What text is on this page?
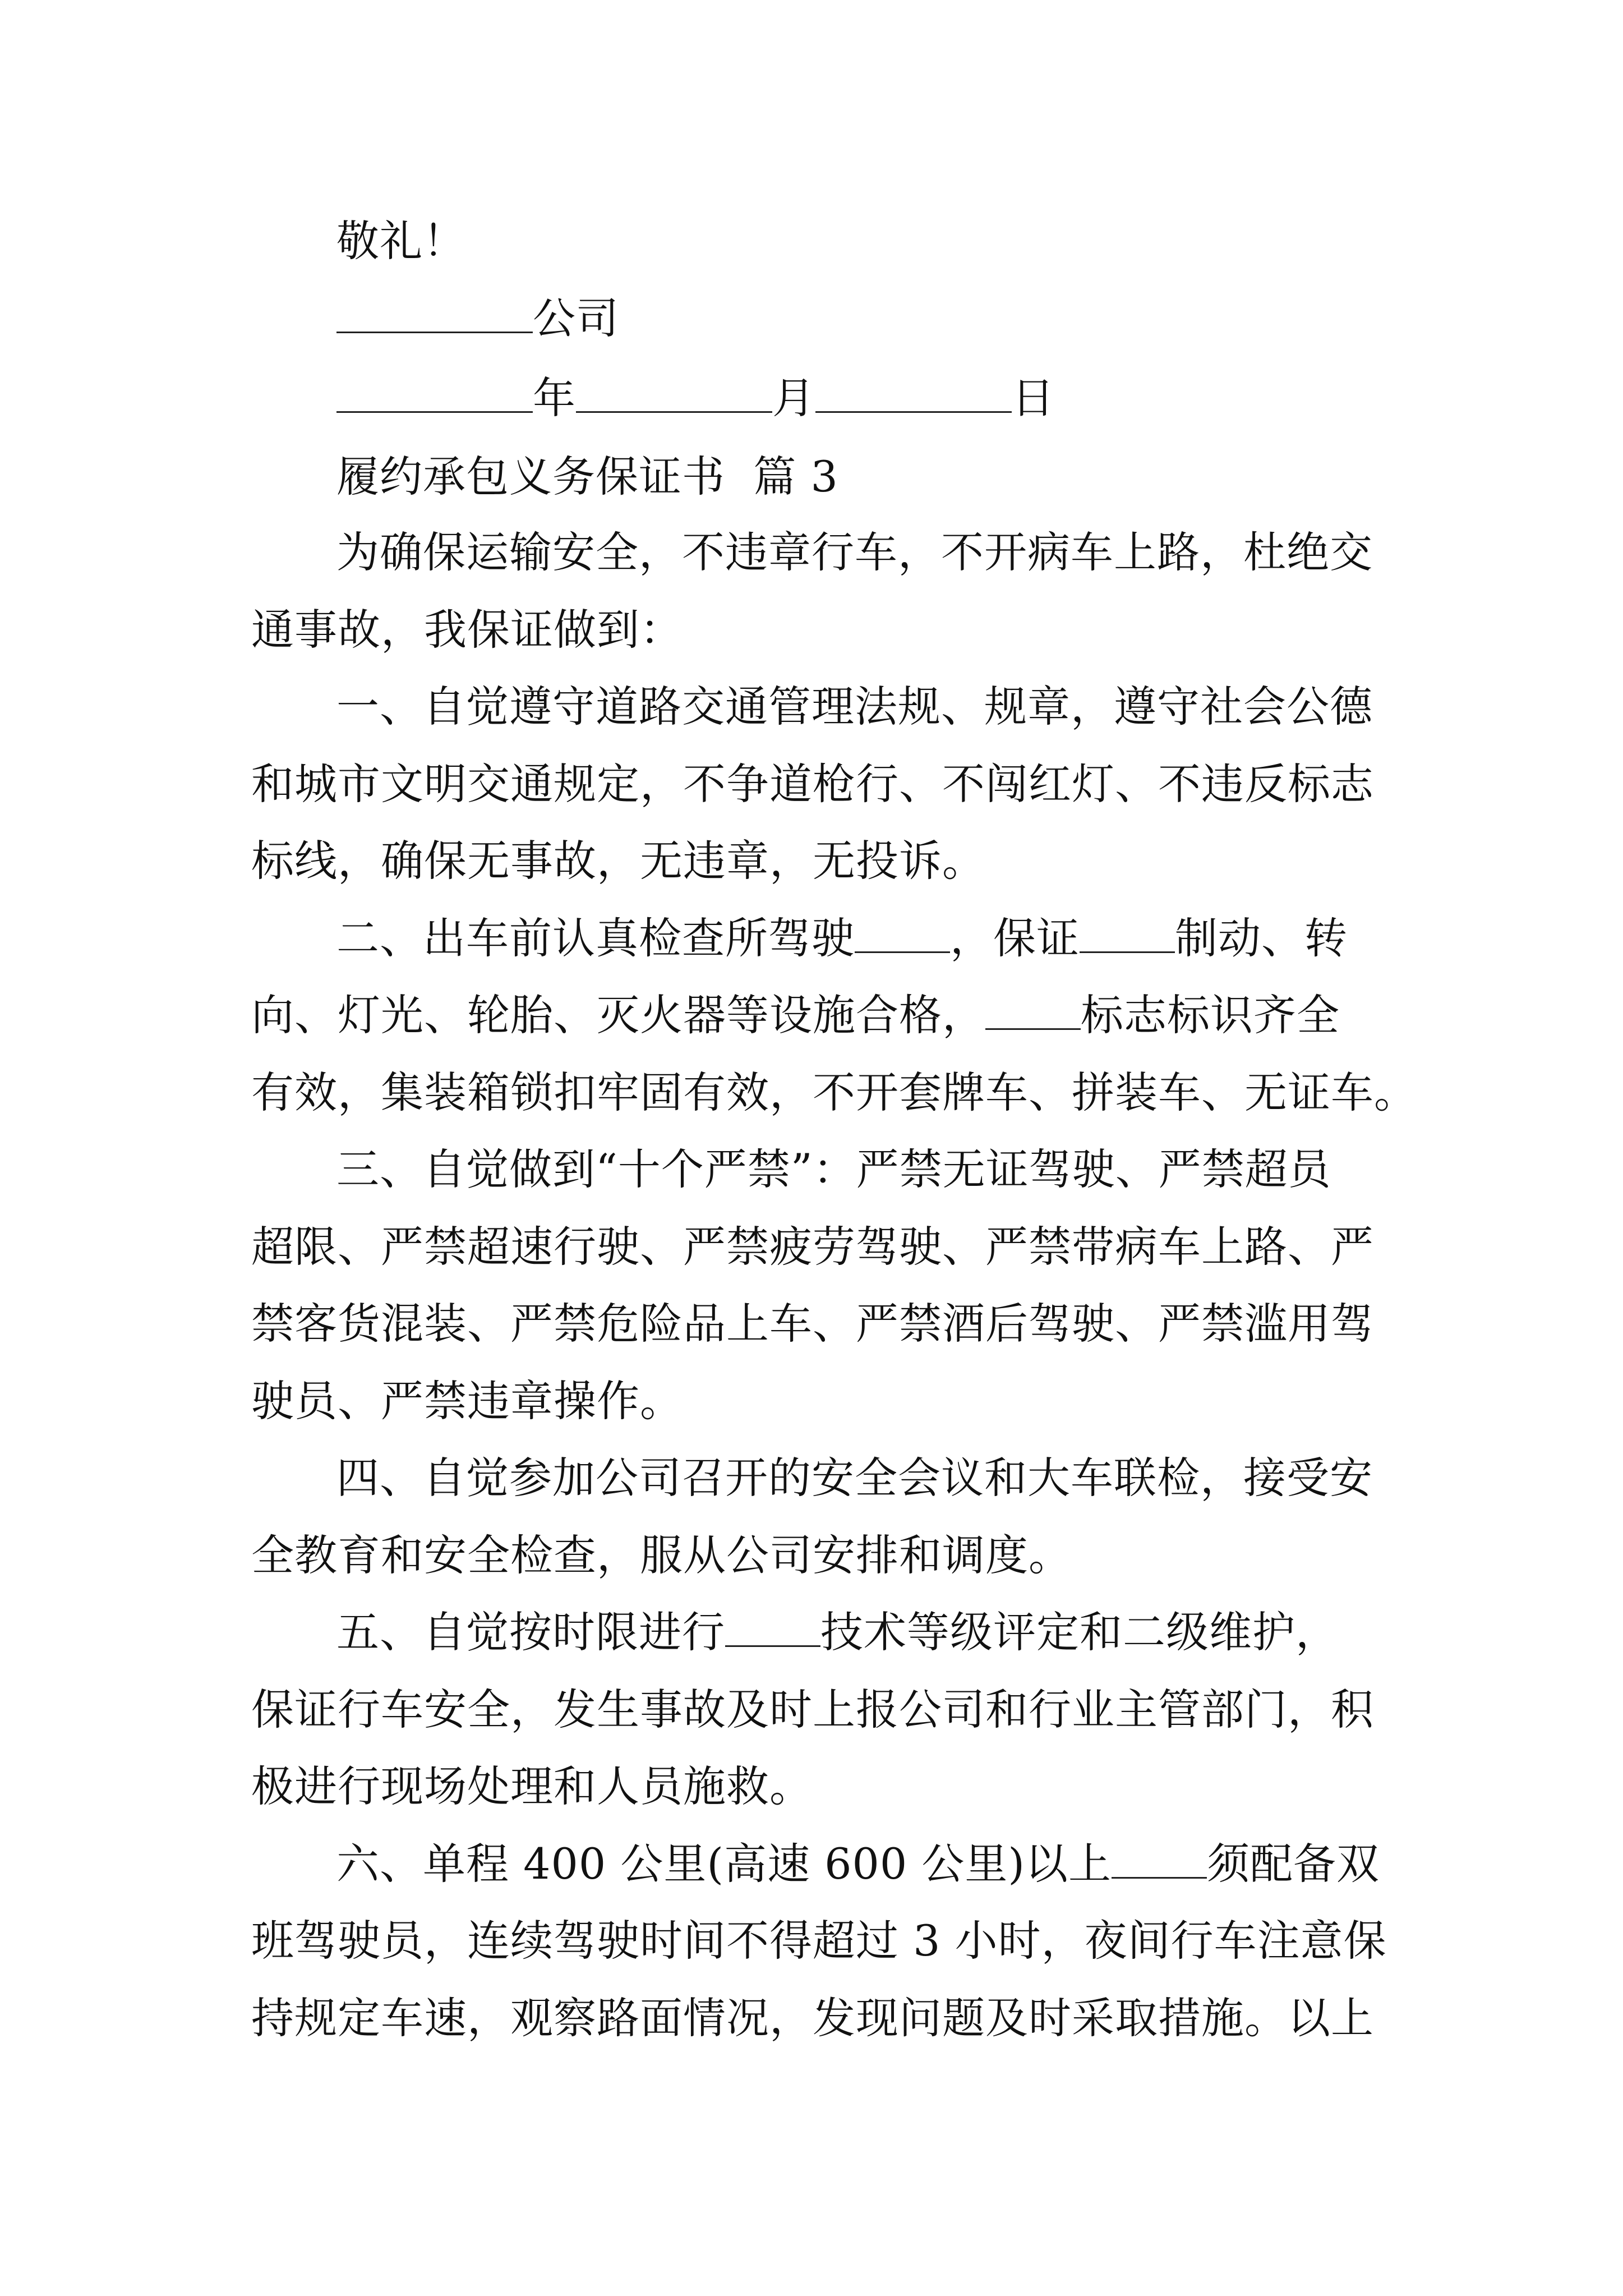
敬礼！
公司
年	月	日
履约承包义务保证书 篇 3
为确保运输安全，不违章行车，不开病车上路，杜绝交
通事故，我保证做到：
一、自觉遵守道路交通管理法规、规章，遵守社会公德
和城市文明交通规定，不争道枪行、不闯红灯、不违反标志
标线，确保无事故，无违章，无投诉。
二、出车前认真检查所驾驶 ，保证 制动、转
向、灯光、轮胎、灭火器等设施合格， 标志标识齐全
有效，集装箱锁扣牢固有效，不开套牌车、拼装车、无证车。
三、自觉做到“十个严禁”：严禁无证驾驶、严禁超员
超限、严禁超速行驶、严禁疲劳驾驶、严禁带病车上路、严
禁客货混装、严禁危险品上车、严禁酒后驾驶、严禁滥用驾
驶员、严禁违章操作。
四、自觉参加公司召开的安全会议和大车联检，接受安
全教育和安全检查，服从公司安排和调度。
五、自觉按时限进行 技术等级评定和二级维护，
保证行车安全，发生事故及时上报公司和行业主管部门，积
极进行现场处理和人员施救。
六、单程 400 公里(高速 600 公里)以上 须配备双
班驾驶员，连续驾驶时间不得超过 3 小时，夜间行车注意保
持规定车速，观察路面情况，发现问题及时采取措施。以上
